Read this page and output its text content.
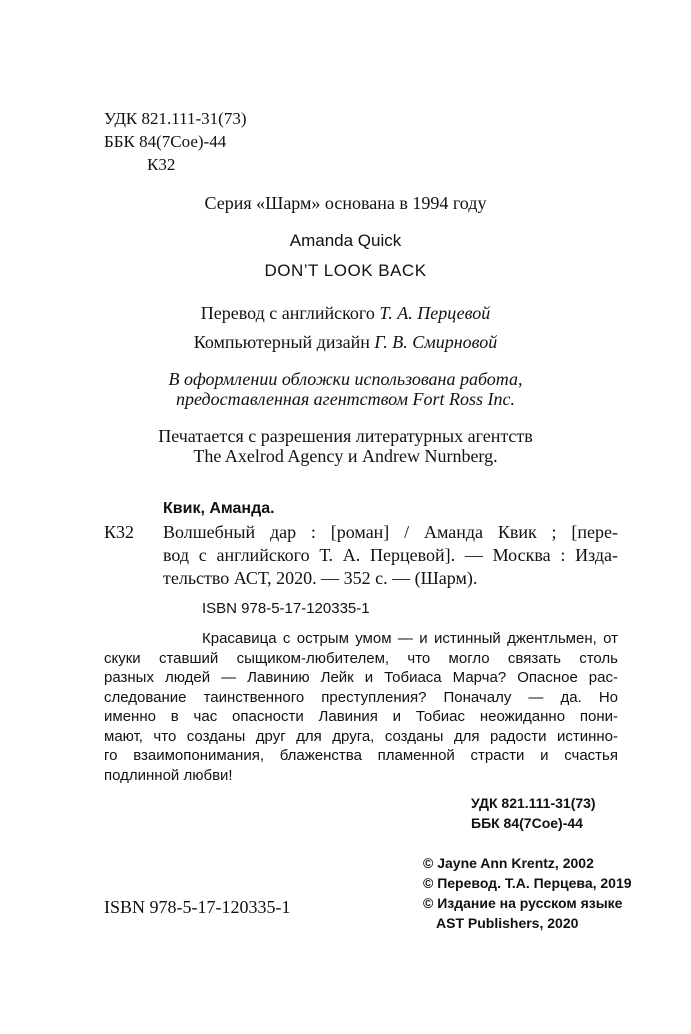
УДК 821.111-31(73)
ББК 84(7Сое)-44
К32
Серия «Шарм» основана в 1994 году
Amanda Quick
DON’T LOOK BACK
Перевод с английского Т. А. Перцевой
Компьютерный дизайн Г. В. Смирновой
В оформлении обложки использована работа,
предоставленная агентством Fort Ross Inc.
Печатается с разрешения литературных агентств
The Axelrod Agency и Andrew Nurnberg.
Квик, Аманда.
К32 Волшебный дар : [роман] / Аманда Квик ; [пере-
вод с английского Т. А. Перцевой]. — Москва : Изда-
тельство АСТ, 2020. — 352 с. — (Шарм).
ISBN 978-5-17-120335-1
Красавица с острым умом — и истинный джентльмен, от
скуки ставший сыщиком-любителем, что могло связать столь
разных людей — Лавинию Лейк и Тобиаса Марча? Опасное рас-
следование таинственного преступления? Поначалу — да. Но
именно в час опасности Лавиния и Тобиас неожиданно пони-
мают, что созданы друг для друга, созданы для радости истинно-
го взаимопонимания, блаженства пламенной страсти и счастья
подлинной любви!
УДК 821.111-31(73)
ББК 84(7Сое)-44
© Jayne Ann Krentz, 2002
© Перевод. Т.А. Перцева, 2019
© Издание на русском языке
AST Publishers, 2020
ISBN 978-5-17-120335-1
